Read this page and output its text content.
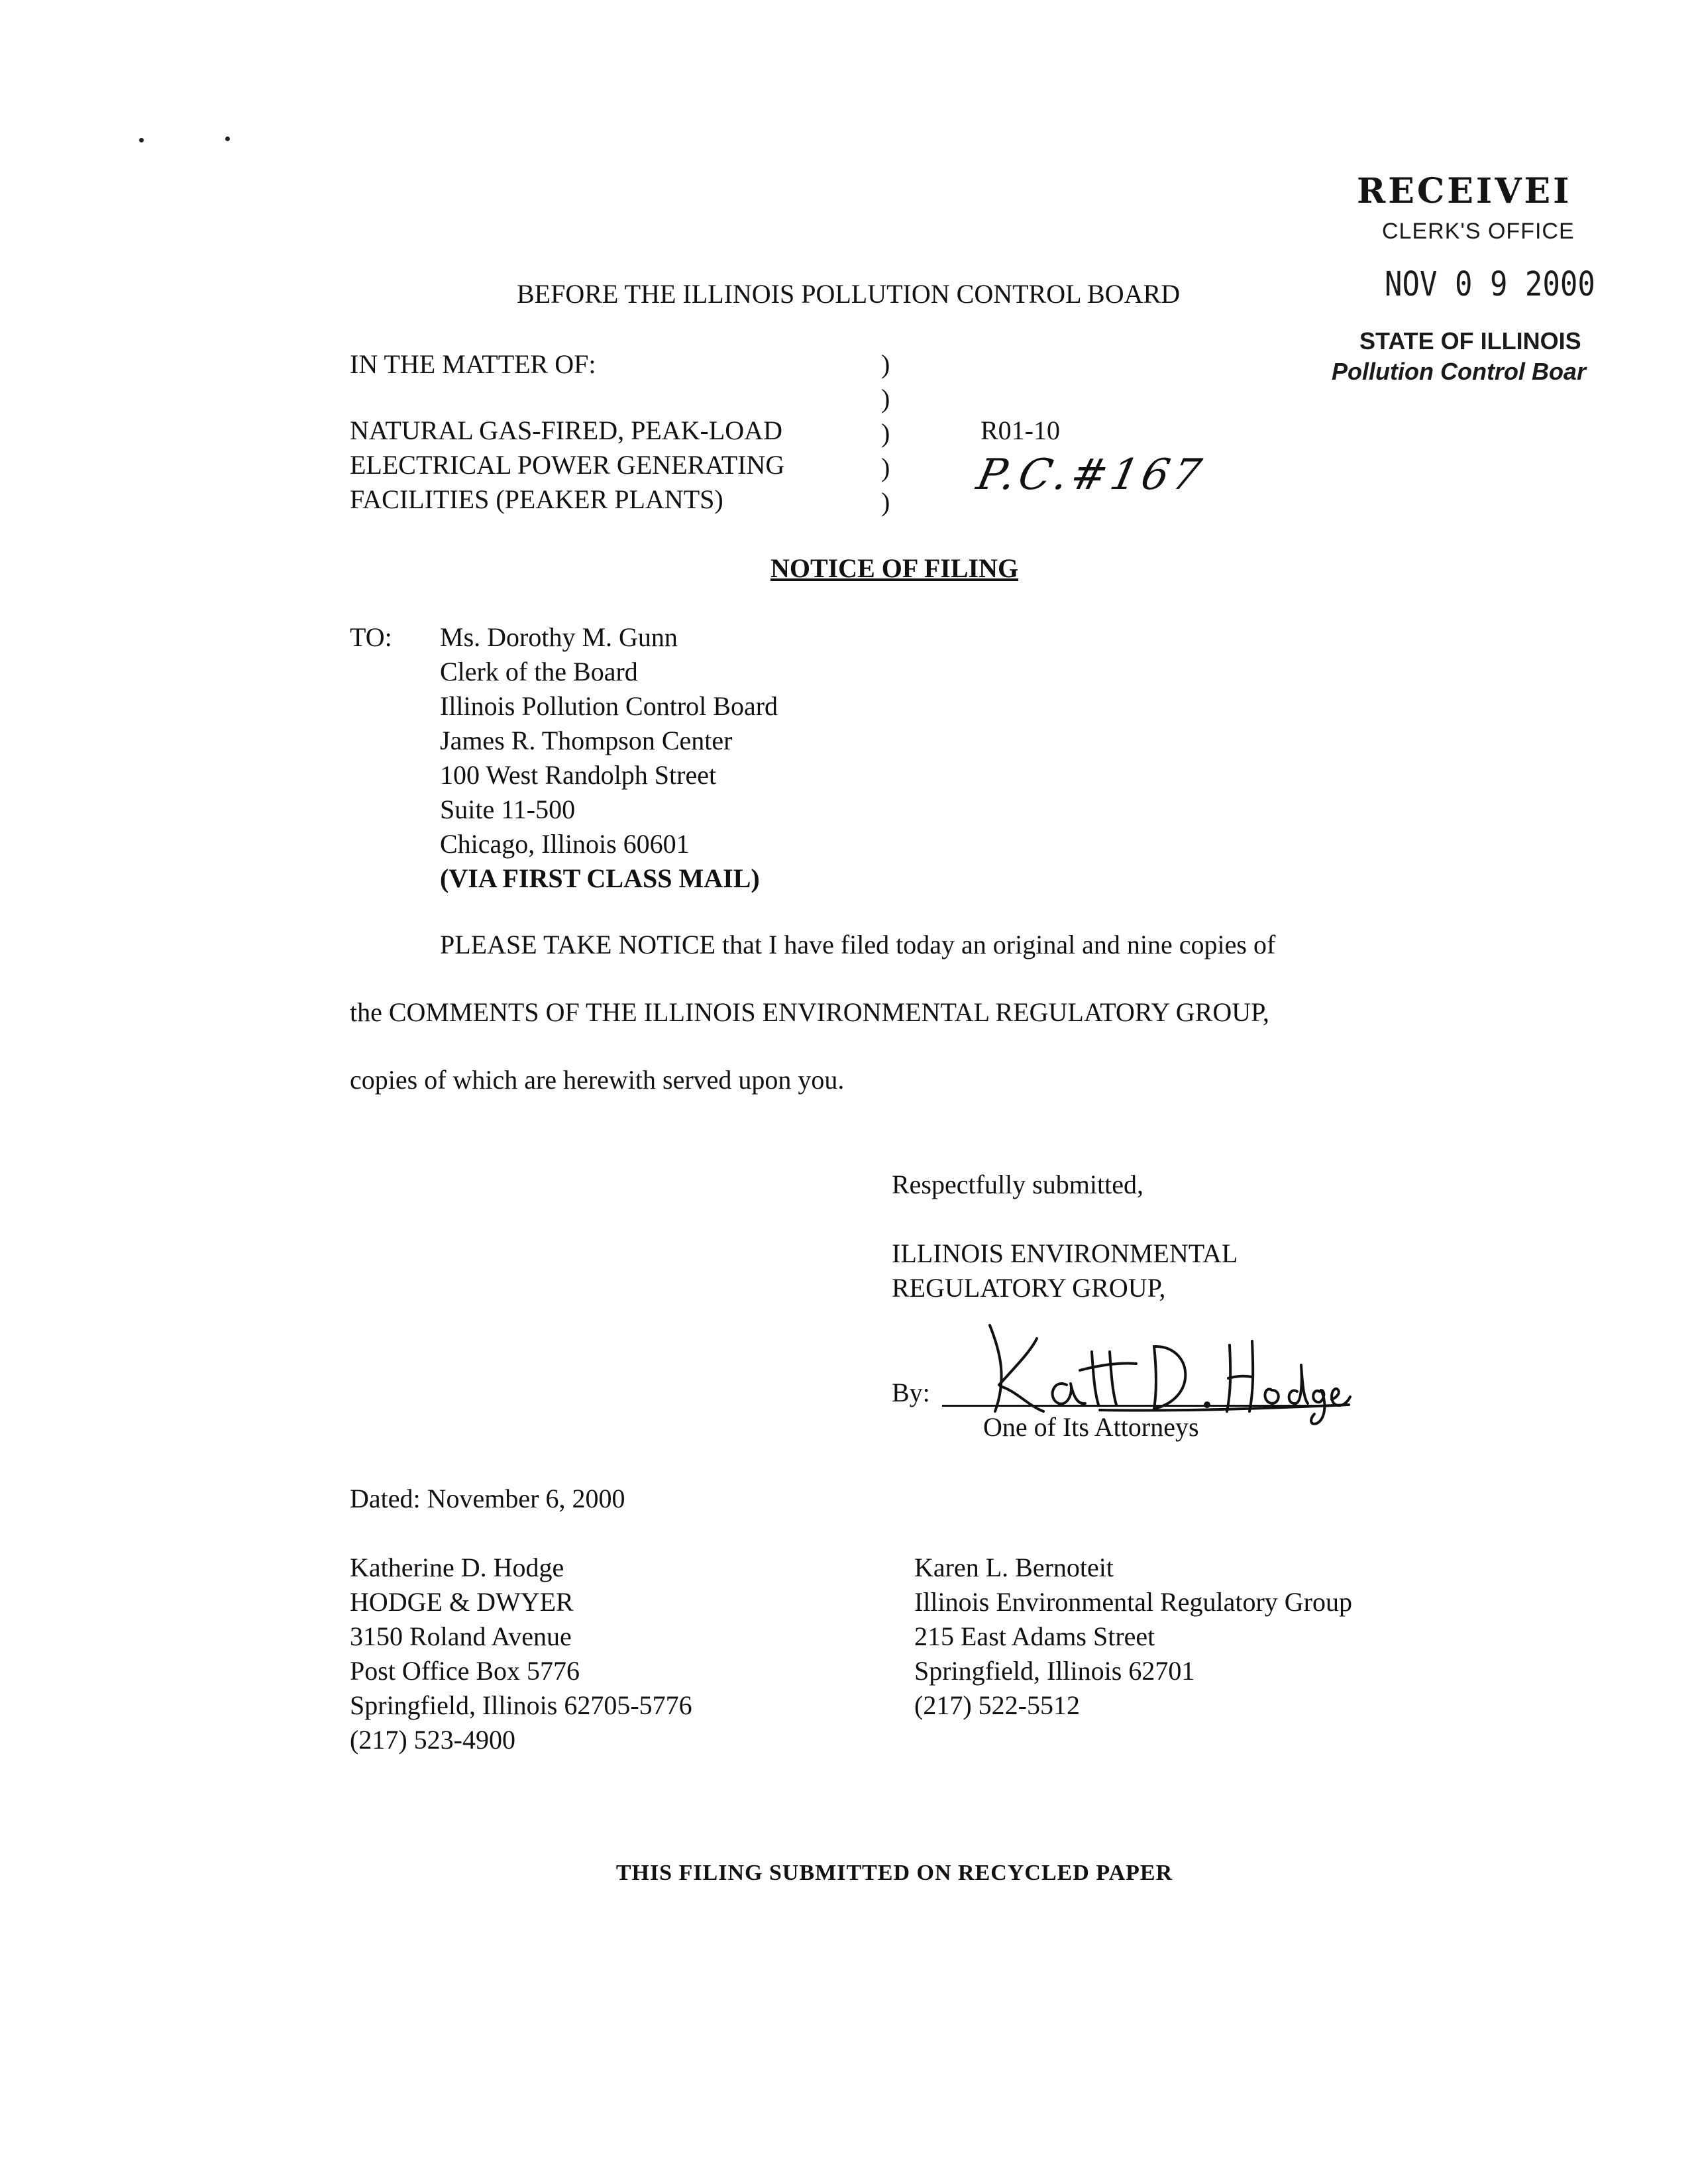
RECEIVEI
CLERK'S OFFICE
NOV 0 9 2000
STATE OF ILLINOIS
Pollution Control Boar
BEFORE THE ILLINOIS POLLUTION CONTROL BOARD
IN THE MATTER OF:
NATURAL GAS-FIRED, PEAK-LOAD
ELECTRICAL POWER GENERATING
FACILITIES (PEAKER PLANTS)
)
)
)
)
)
R01-10
P.C.#167
NOTICE OF FILING
TO: Ms. Dorothy M. Gunn
Clerk of the Board
Illinois Pollution Control Board
James R. Thompson Center
100 West Randolph Street
Suite 11-500
Chicago, Illinois 60601
(VIA FIRST CLASS MAIL)
PLEASE TAKE NOTICE that I have filed today an original and nine copies of
the COMMENTS OF THE ILLINOIS ENVIRONMENTAL REGULATORY GROUP,
copies of which are herewith served upon you.
Respectfully submitted,
ILLINOIS ENVIRONMENTAL
REGULATORY GROUP,
By:
One of Its Attorneys
Dated: November 6, 2000
Katherine D. Hodge
HODGE & DWYER
3150 Roland Avenue
Post Office Box 5776
Springfield, Illinois 62705-5776
(217) 523-4900
Karen L. Bernoteit
Illinois Environmental Regulatory Group
215 East Adams Street
Springfield, Illinois 62701
(217) 522-5512
THIS FILING SUBMITTED ON RECYCLED PAPER
